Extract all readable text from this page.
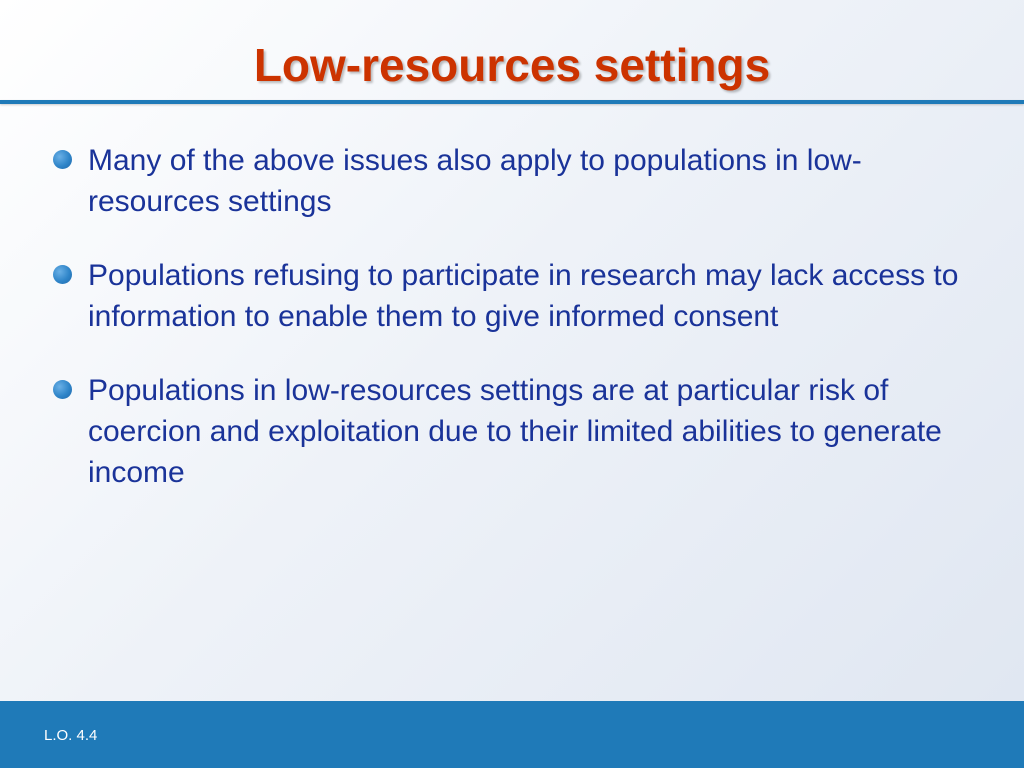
Low-resources settings
Many of the above issues also apply to populations in low-resources settings
Populations refusing to participate in research may lack access to information to enable them to give informed consent
Populations in low-resources settings are at particular risk of coercion and exploitation due to their limited abilities to generate income
L.O. 4.4
